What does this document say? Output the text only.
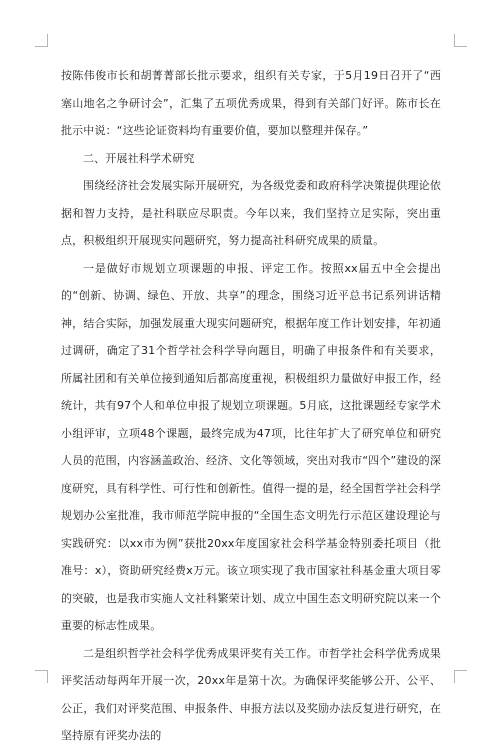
按陈伟俊市长和胡菁菁部长批示要求，组织有关专家，于5月19日召开了“西塞山地名之争研讨会”，汇集了五项优秀成果，得到有关部门好评。陈市长在批示中说：“这些论证资料均有重要价值，要加以整理并保存。”

二、开展社科学术研究

围绕经济社会发展实际开展研究，为各级党委和政府科学决策提供理论依据和智力支持，是社科联应尽职责。今年以来，我们坚持立足实际，突出重点，积极组织开展现实问题研究，努力提高社科研究成果的质量。

一是做好市规划立项课题的申报、评定工作。按照xx届五中全会提出的“创新、协调、绿色、开放、共享”的理念，围绕习近平总书记系列讲话精神，结合实际，加强发展重大现实问题研究，根据年度工作计划安排，年初通过调研，确定了31个哲学社会科学导向题目，明确了申报条件和有关要求，所属社团和有关单位接到通知后都高度重视，积极组织力量做好申报工作，经统计，共有97个人和单位申报了规划立项课题。5月底，这批课题经专家学术小组评审，立项48个课题，最终完成为47项，比往年扩大了研究单位和研究人员的范围，内容涵盖政治、经济、文化等领域，突出对我市“四个”建设的深度研究，具有科学性、可行性和创新性。值得一提的是，经全国哲学社会科学规划办公室批准，我市师范学院申报的“全国生态文明先行示范区建设理论与实践研究：以xx市为例”获批20xx年度国家社会科学基金特别委托项目（批准号：x），资助研究经费x万元。该立项实现了我市国家社科基金重大项目零的突破，也是我市实施人文社科繁荣计划、成立中国生态文明研究院以来一个重要的标志性成果。

二是组织哲学社会科学优秀成果评奖有关工作。市哲学社会科学优秀成果评奖活动每两年开展一次，20xx年是第十次。为确保评奖能够公开、公平、公正，我们对评奖范围、申报条件、申报方法以及奖励办法反复进行研究，在坚持原有评奖办法的
